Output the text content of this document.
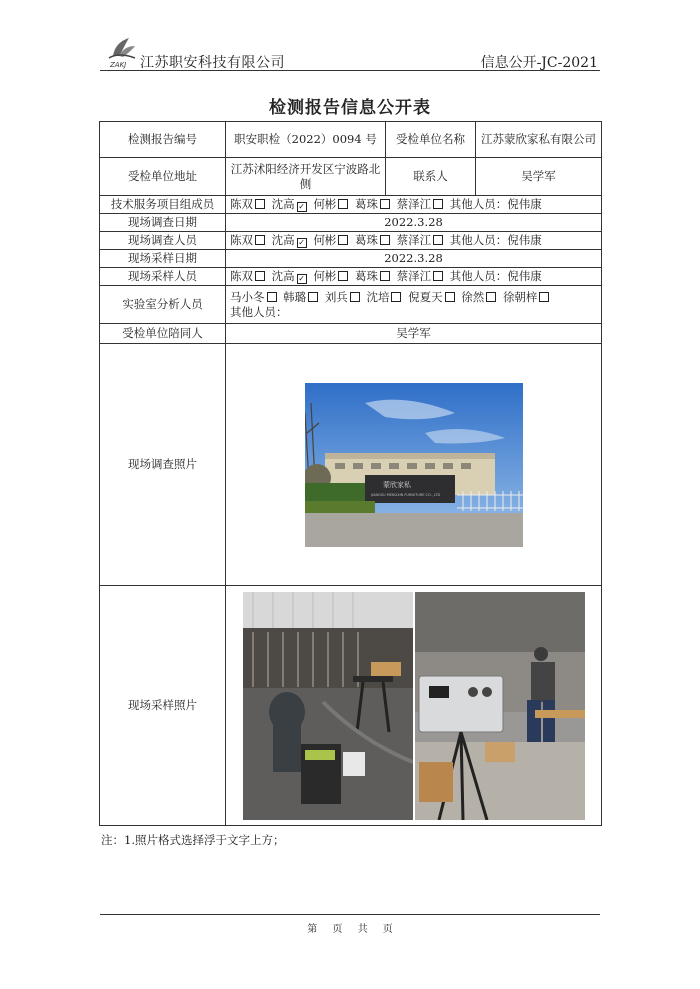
ZAKJ 江苏职安科技有限公司	信息公开-JC-2021
检测报告信息公开表
检测报告编号	职安职检（2022）0094 号	受检单位名称	江苏蒙欣家私有限公司
受检单位地址	江苏沭阳经济开发区宁波路北侧	联系人	吴学军
技术服务项目组成员	陈双 沈高 ✓ 何彬 葛珠 蔡泽江 其他人员：倪伟康		
现场调查日期	2022.3.28		
现场调查人员	陈双 沈高 ✓ 何彬 葛珠 蔡泽江 其他人员：倪伟康		
现场采样日期	2022.3.28		
现场采样人员	陈双 沈高 ✓ 何彬 葛珠 蔡泽江 其他人员：倪伟康		
实验室分析人员	马小冬 韩璐 刘兵 沈培 倪夏天 徐然 徐朝梓
其他人员：		
受检单位陪同人	吴学军		
现场调查照片	蒙欣家私
JIANGSU MENGXIN FURNITURE CO., LTD		

现场采样照片	
注：1.照片格式选择浮于文字上方；
第 页 共 页
